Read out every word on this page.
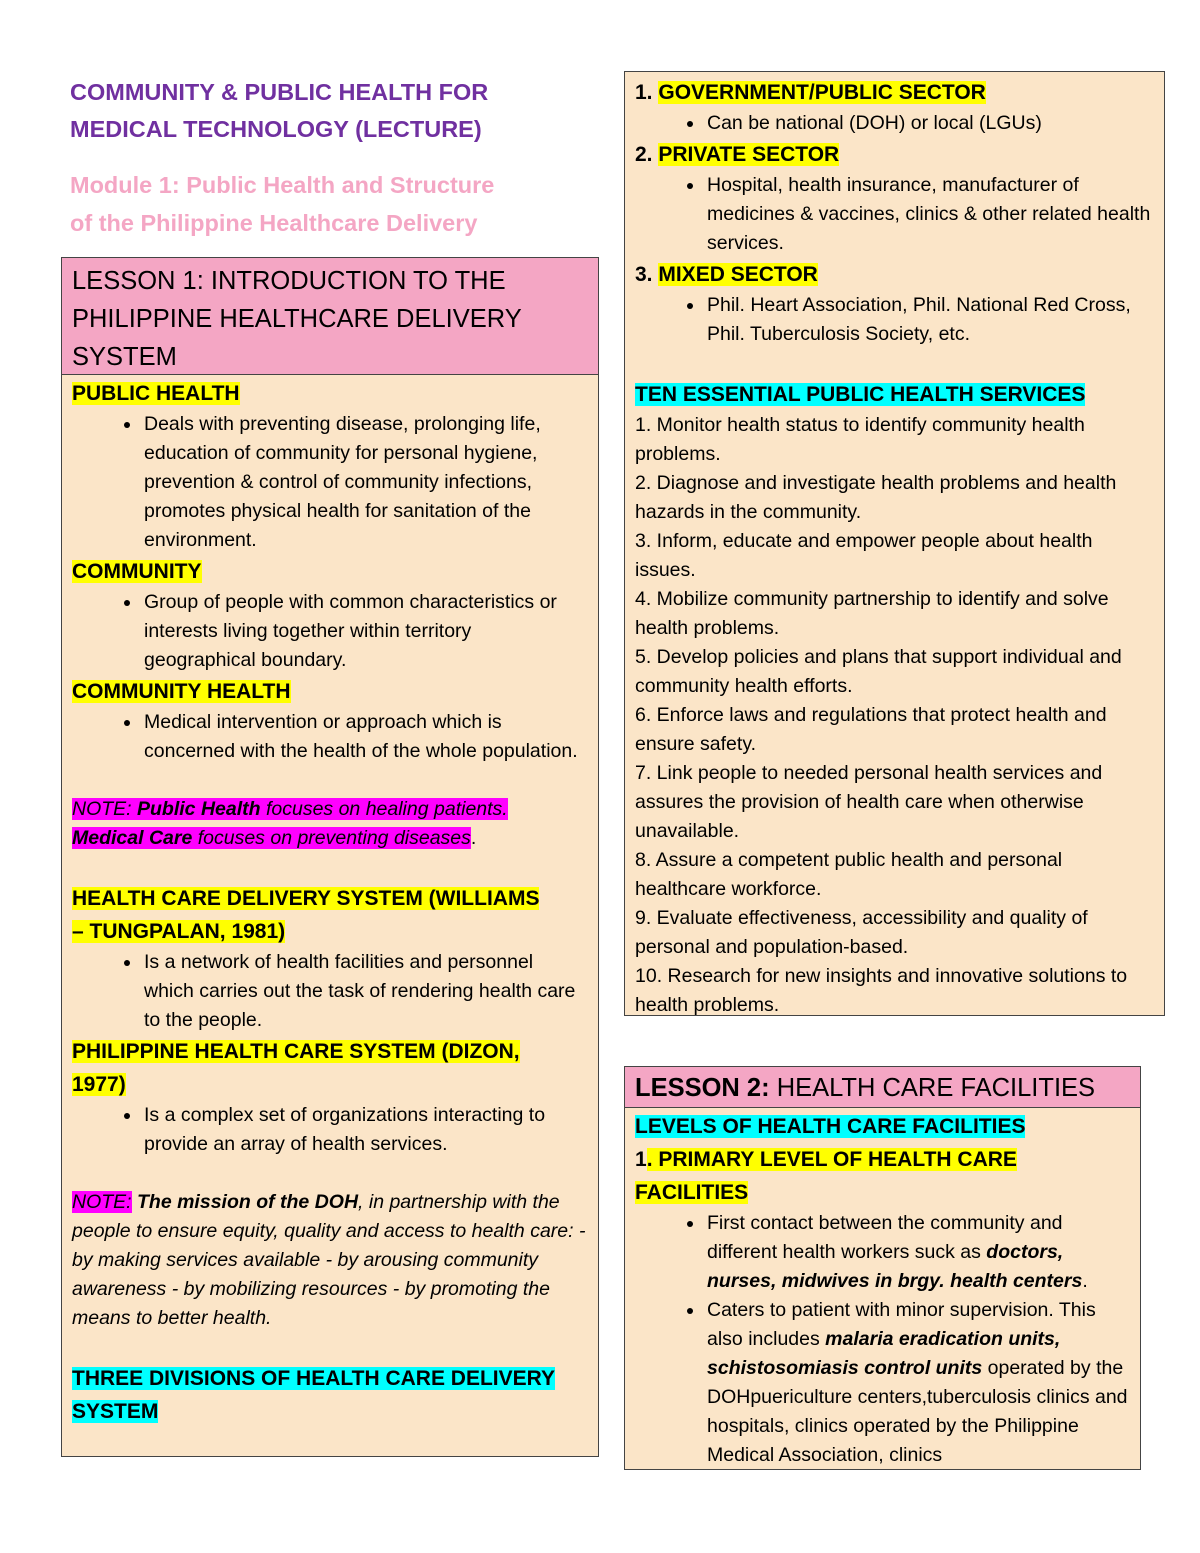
COMMUNITY & PUBLIC HEALTH FOR
MEDICAL TECHNOLOGY (LECTURE)
Module 1: Public Health and Structure
of the Philippine Healthcare Delivery
LESSON 1: INTRODUCTION TO THE
PHILIPPINE HEALTHCARE DELIVERY
SYSTEM
PUBLIC HEALTH
• Deals with preventing disease, prolonging life, education of community for personal hygiene, prevention & control of community infections, promotes physical health for sanitation of the environment.
COMMUNITY
• Group of people with common characteristics or interests living together within territory geographical boundary.
COMMUNITY HEALTH
• Medical intervention or approach which is concerned with the health of the whole population.
NOTE: Public Health focuses on healing patients.
Medical Care focuses on preventing diseases.
HEALTH CARE DELIVERY SYSTEM (WILLIAMS
– TUNGPALAN, 1981)
• Is a network of health facilities and personnel which carries out the task of rendering health care to the people.
PHILIPPINE HEALTH CARE SYSTEM (DIZON,
1977)
• Is a complex set of organizations interacting to provide an array of health services.

NOTE: The mission of the DOH, in partnership with the people to ensure equity, quality and access to health care: - by making services available - by arousing community awareness - by mobilizing resources - by promoting the means to better health.

THREE DIVISIONS OF HEALTH CARE DELIVERY
SYSTEM
1. GOVERNMENT/PUBLIC SECTOR
• Can be national (DOH) or local (LGUs)
2. PRIVATE SECTOR
• Hospital, health insurance, manufacturer of medicines & vaccines, clinics & other related health services.
3. MIXED SECTOR
• Phil. Heart Association, Phil. National Red Cross, Phil. Tuberculosis Society, etc.
TEN ESSENTIAL PUBLIC HEALTH SERVICES

1. Monitor health status to identify community health problems.

2. Diagnose and investigate health problems and health hazards in the community.

3. Inform, educate and empower people about health issues.

4. Mobilize community partnership to identify and solve health problems.

5. Develop policies and plans that support individual and community health efforts.

6. Enforce laws and regulations that protect health and ensure safety.

7. Link people to needed personal health services and assures the provision of health care when otherwise unavailable.

8. Assure a competent public health and personal healthcare workforce.

9. Evaluate effectiveness, accessibility and quality of personal and population-based.

10. Research for new insights and innovative solutions to health problems.

LESSON 2: HEALTH CARE FACILITIES
LEVELS OF HEALTH CARE FACILITIES
1. PRIMARY LEVEL OF HEALTH CARE
FACILITIES
• First contact between the community and different health workers suck as doctors, nurses, midwives in brgy. health centers.
• Caters to patient with minor supervision. This also includes malaria eradication units, schistosomiasis control units operated by the DOHpuericulture centers,tuberculosis clinics and hospitals, clinics operated by the Philippine Medical Association, clinics
